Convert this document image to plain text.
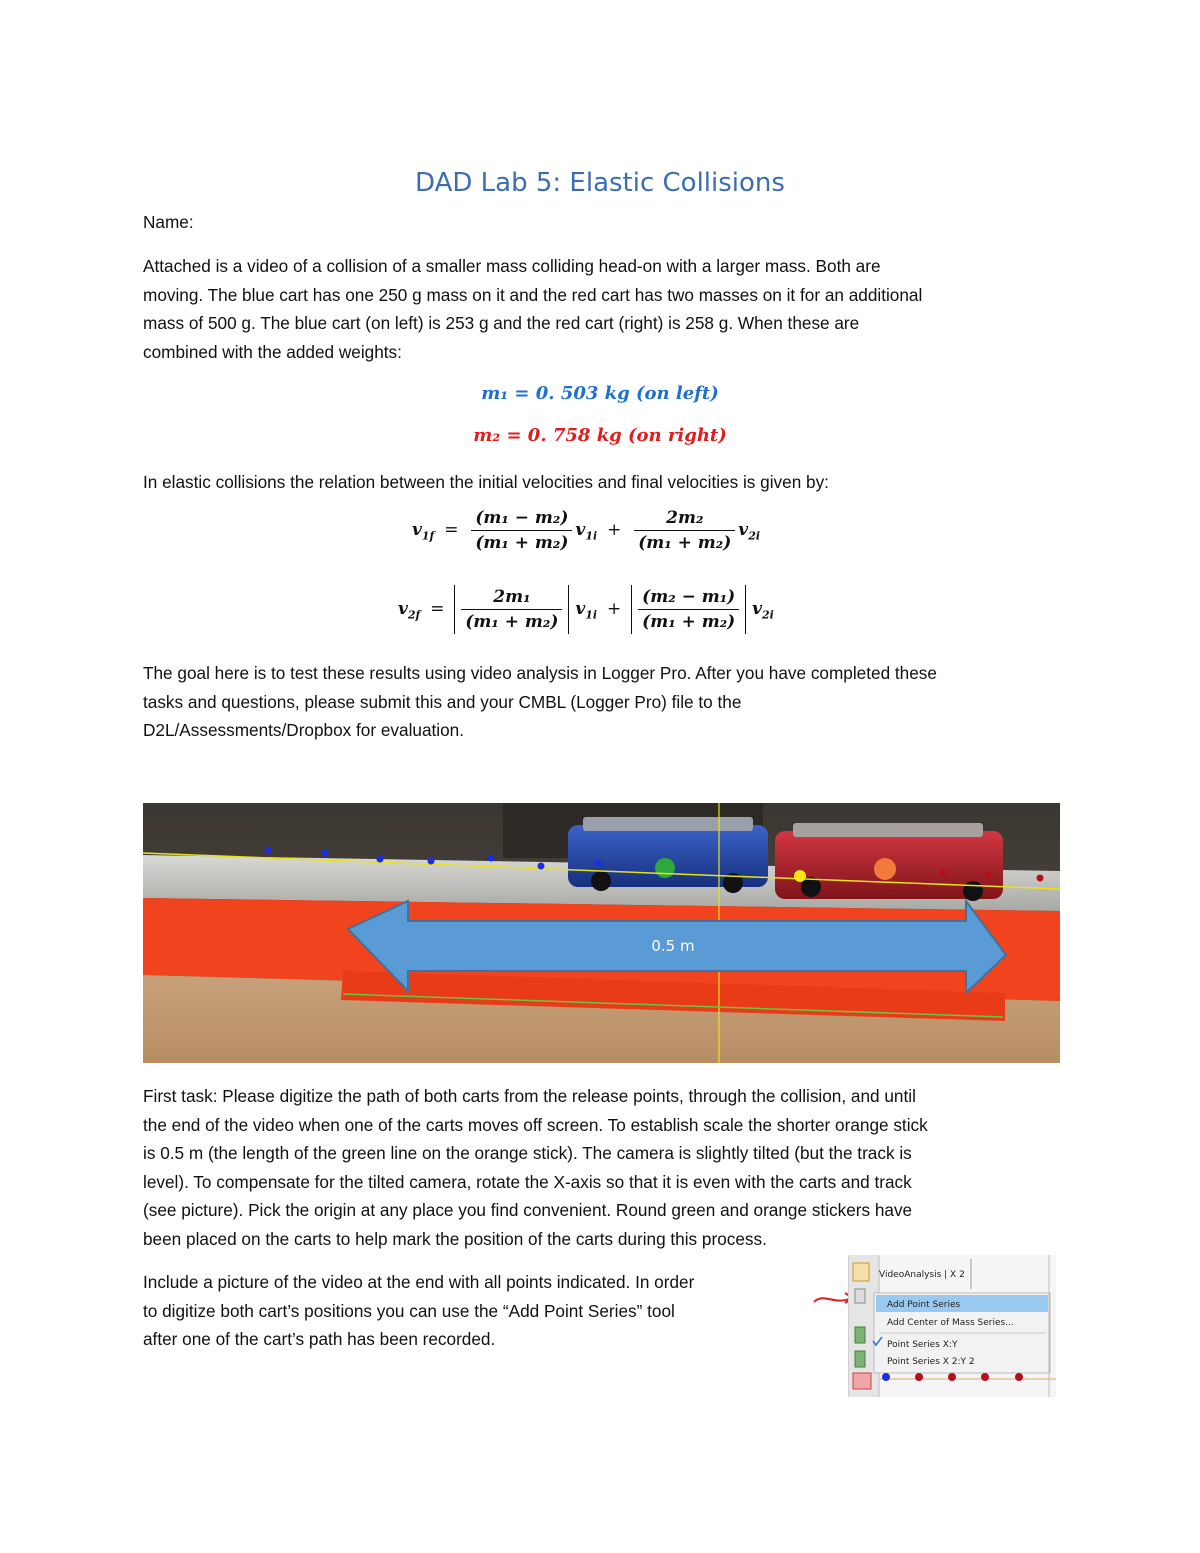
DAD Lab 5: Elastic Collisions
Name:
Attached is a video of a collision of a smaller mass colliding head-on with a larger mass. Both are
moving. The blue cart has one 250 g mass on it and the red cart has two masses on it for an additional
mass of 500 g. The blue cart (on left) is 253 g and the red cart (right) is 258 g. When these are
combined with the added weights:
m₁ = 0. 503 kg (on left)
m₂ = 0. 758 kg (on right)
In elastic collisions the relation between the initial velocities and final velocities is given by:
$v_{1f} = \frac{\text{(m₁ − m₂)}}{\text{(m₁ + m₂)}} v_{1i} + \frac{\text{2m₂}}{\text{(m₁ + m₂)}} v_{2i}$
$v_{2f} = \frac{\text{2m₁}}{\text{(m₁ + m₂)}} v_{1i} + \frac{\text{(m₂ − m₁)}}{\text{(m₁ + m₂)}} v_{2i}$
The goal here is to test these results using video analysis in Logger Pro. After you have completed these
tasks and questions, please submit this and your CMBL (Logger Pro) file to the
D2L/Assessments/Dropbox for evaluation.
0.5 m
First task: Please digitize the path of both carts from the release points, through the collision, and until
the end of the video when one of the carts moves off screen. To establish scale the shorter orange stick
is 0.5 m (the length of the green line on the orange stick). The camera is slightly tilted (but the track is
level). To compensate for the tilted camera, rotate the X-axis so that it is even with the carts and track
(see picture). Pick the origin at any place you find convenient. Round green and orange stickers have
been placed on the carts to help mark the position of the carts during this process.
Include a picture of the video at the end with all points indicated. In order
to digitize both cart’s positions you can use the “Add Point Series” tool
after one of the cart’s path has been recorded.
VideoAnalysis | X 2
Add Point Series
Add Center of Mass Series...
Point Series X:Y
Point Series X 2:Y 2
